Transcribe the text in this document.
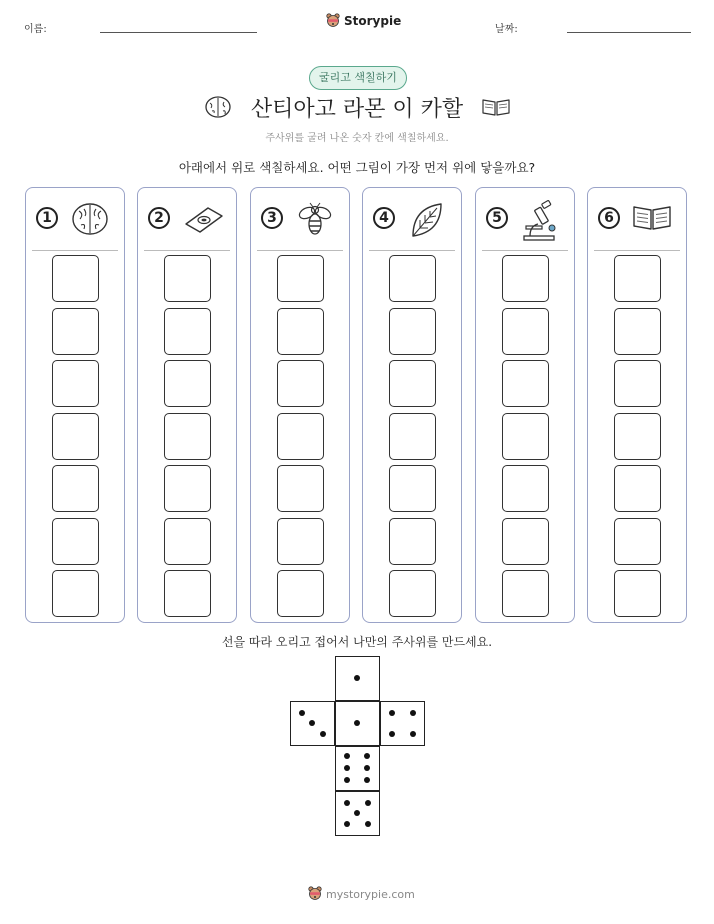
이름:
Storypie
날짜:
굴리고 색칠하기
산티아고 라몬 이 카할
주사위를 굴려 나온 숫자 칸에 색칠하세요.
아래에서 위로 색칠하세요. 어떤 그림이 가장 먼저 위에 닿을까요?
1	2	3	4	5	6
선을 따라 오리고 접어서 나만의 주사위를 만드세요.
mystorypie.com
